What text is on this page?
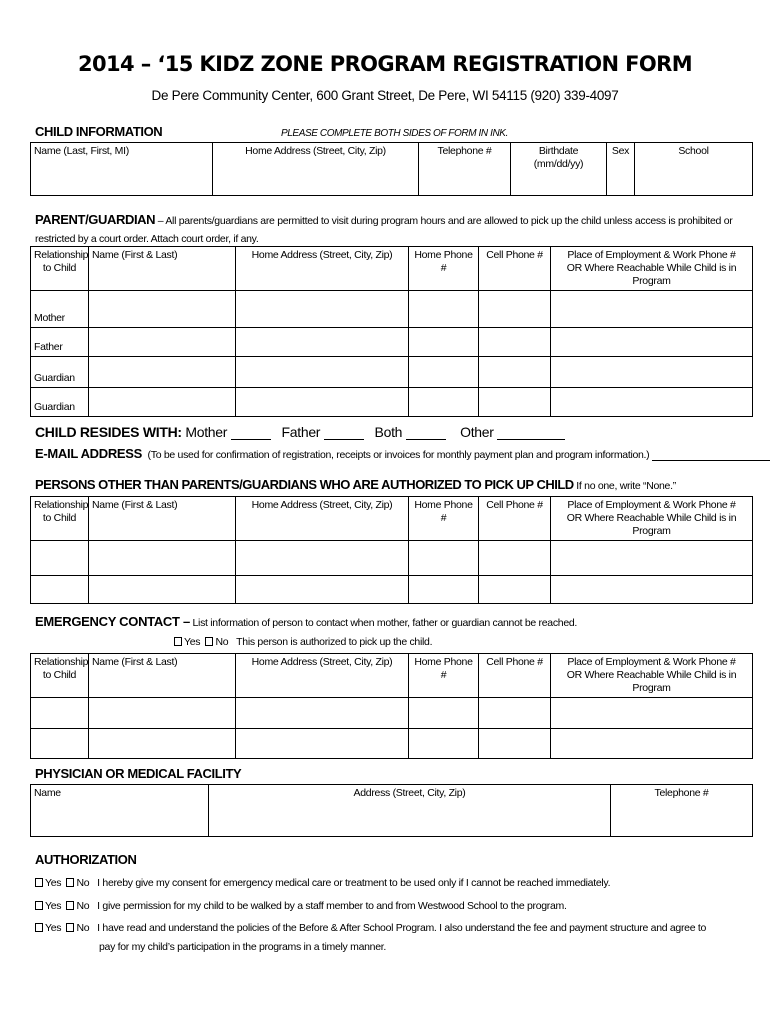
2014 – ‘15 KIDZ ZONE PROGRAM REGISTRATION FORM
De Pere Community Center, 600 Grant Street, De Pere, WI 54115 (920) 339-4097
CHILD INFORMATION	PLEASE COMPLETE BOTH SIDES OF FORM IN INK.
Name (Last, First, MI)	Home Address (Street, City, Zip)	Telephone #	Birthdate (mm/dd/yy)	Sex	School
PARENT/GUARDIAN – All parents/guardians are permitted to visit during program hours and are allowed to pick up the child unless access is prohibited or restricted by a court order. Attach court order, if any.
Relationship to Child	Name (First & Last)	Home Address (Street, City, Zip)	Home Phone #	Cell Phone #	Place of Employment & Work Phone #
OR Where Reachable While Child is in Program
Mother					
Father					
Guardian					
Guardian					
CHILD RESIDES WITH: Mother	Father	Both	Other
E-MAIL ADDRESS (To be used for confirmation of registration, receipts or invoices for monthly payment plan and program information.)
PERSONS OTHER THAN PARENTS/GUARDIANS WHO ARE AUTHORIZED TO PICK UP CHILD If no one, write “None.”
Relationship to Child	Name (First & Last)	Home Address (Street, City, Zip)	Home Phone #	Cell Phone #	Place of Employment & Work Phone #
OR Where Reachable While Child is in Program

EMERGENCY CONTACT – List information of person to contact when mother, father or guardian cannot be reached.
Yes No This person is authorized to pick up the child.
Relationship to Child	Name (First & Last)	Home Address (Street, City, Zip)	Home Phone #	Cell Phone #	Place of Employment & Work Phone #
OR Where Reachable While Child is in Program

PHYSICIAN OR MEDICAL FACILITY
Name	Address (Street, City, Zip)	Telephone #
AUTHORIZATION
Yes No I hereby give my consent for emergency medical care or treatment to be used only if I cannot be reached immediately.
Yes No I give permission for my child to be walked by a staff member to and from Westwood School to the program.
Yes No I have read and understand the policies of the Before & After School Program. I also understand the fee and payment structure and agree to
pay for my child’s participation in the programs in a timely manner.
